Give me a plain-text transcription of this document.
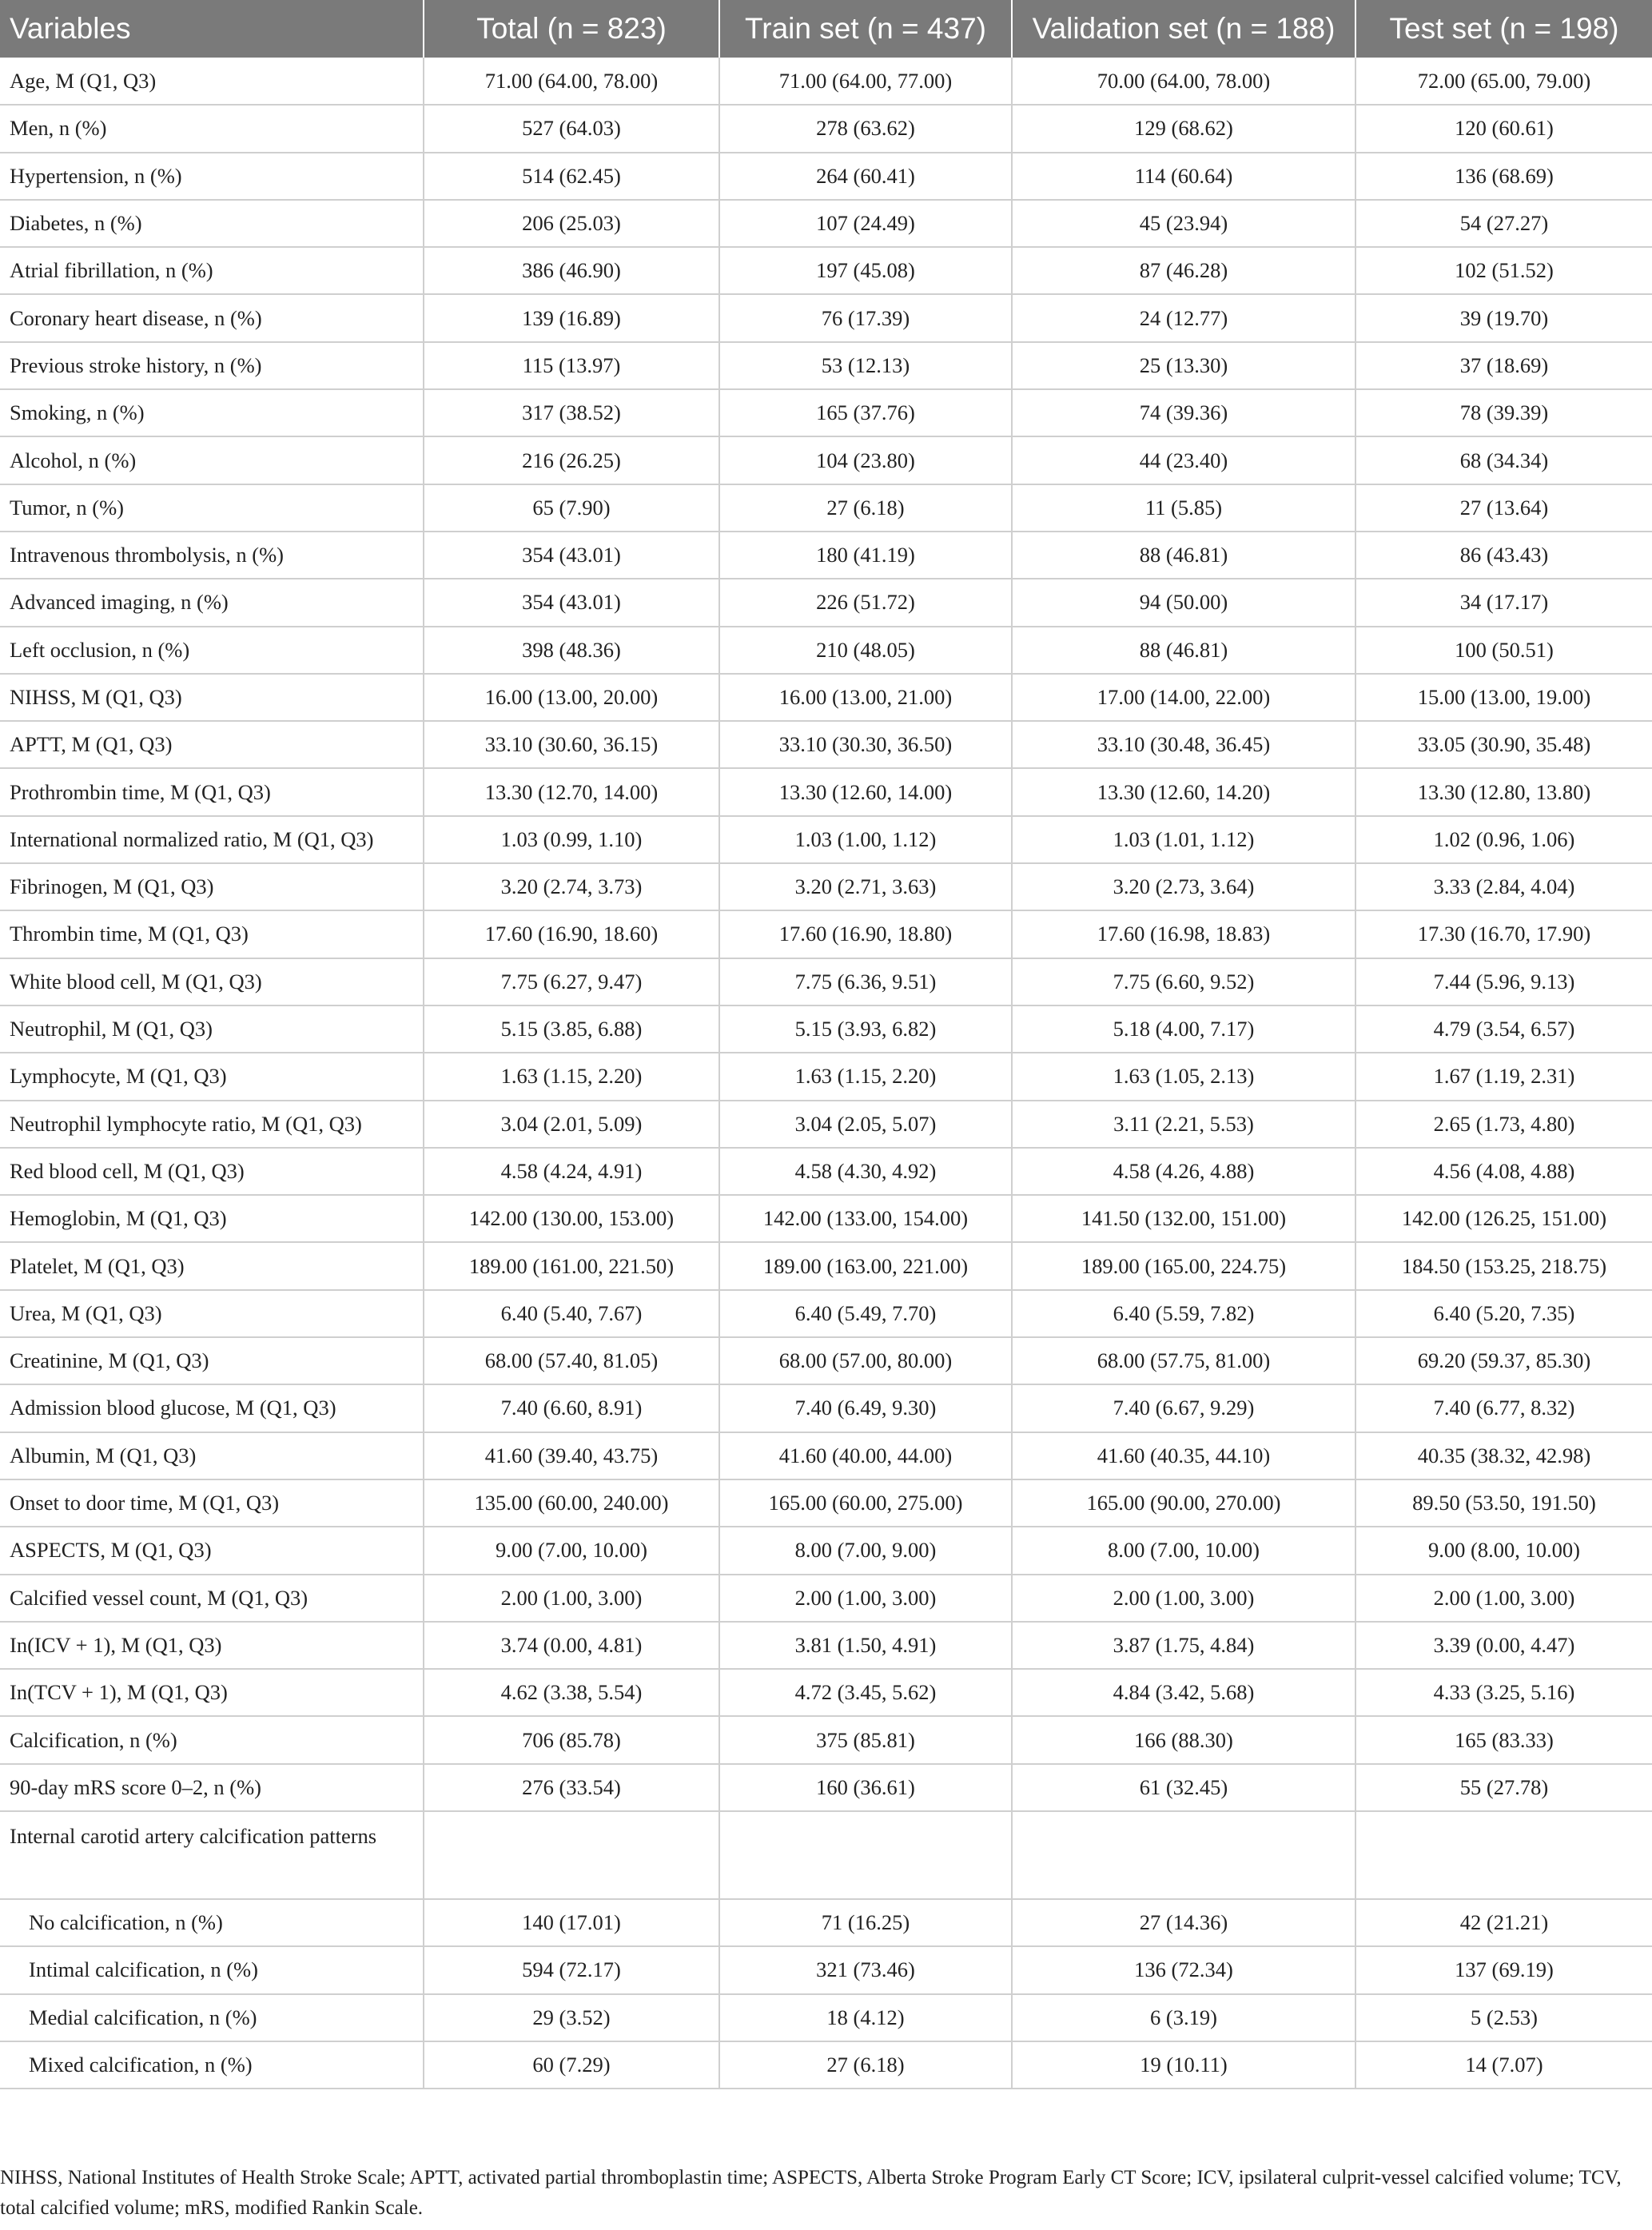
Variables	Total (n = 823)	Train set (n = 437)	Validation set (n = 188)	Test set (n = 198)
Age, M (Q1, Q3)	71.00 (64.00, 78.00)	71.00 (64.00, 77.00)	70.00 (64.00, 78.00)	72.00 (65.00, 79.00)
Men, n (%)	527 (64.03)	278 (63.62)	129 (68.62)	120 (60.61)
Hypertension, n (%)	514 (62.45)	264 (60.41)	114 (60.64)	136 (68.69)
Diabetes, n (%)	206 (25.03)	107 (24.49)	45 (23.94)	54 (27.27)
Atrial fibrillation, n (%)	386 (46.90)	197 (45.08)	87 (46.28)	102 (51.52)
Coronary heart disease, n (%)	139 (16.89)	76 (17.39)	24 (12.77)	39 (19.70)
Previous stroke history, n (%)	115 (13.97)	53 (12.13)	25 (13.30)	37 (18.69)
Smoking, n (%)	317 (38.52)	165 (37.76)	74 (39.36)	78 (39.39)
Alcohol, n (%)	216 (26.25)	104 (23.80)	44 (23.40)	68 (34.34)
Tumor, n (%)	65 (7.90)	27 (6.18)	11 (5.85)	27 (13.64)
Intravenous thrombolysis, n (%)	354 (43.01)	180 (41.19)	88 (46.81)	86 (43.43)
Advanced imaging, n (%)	354 (43.01)	226 (51.72)	94 (50.00)	34 (17.17)
Left occlusion, n (%)	398 (48.36)	210 (48.05)	88 (46.81)	100 (50.51)
NIHSS, M (Q1, Q3)	16.00 (13.00, 20.00)	16.00 (13.00, 21.00)	17.00 (14.00, 22.00)	15.00 (13.00, 19.00)
APTT, M (Q1, Q3)	33.10 (30.60, 36.15)	33.10 (30.30, 36.50)	33.10 (30.48, 36.45)	33.05 (30.90, 35.48)
Prothrombin time, M (Q1, Q3)	13.30 (12.70, 14.00)	13.30 (12.60, 14.00)	13.30 (12.60, 14.20)	13.30 (12.80, 13.80)
International normalized ratio, M (Q1, Q3)	1.03 (0.99, 1.10)	1.03 (1.00, 1.12)	1.03 (1.01, 1.12)	1.02 (0.96, 1.06)
Fibrinogen, M (Q1, Q3)	3.20 (2.74, 3.73)	3.20 (2.71, 3.63)	3.20 (2.73, 3.64)	3.33 (2.84, 4.04)
Thrombin time, M (Q1, Q3)	17.60 (16.90, 18.60)	17.60 (16.90, 18.80)	17.60 (16.98, 18.83)	17.30 (16.70, 17.90)
White blood cell, M (Q1, Q3)	7.75 (6.27, 9.47)	7.75 (6.36, 9.51)	7.75 (6.60, 9.52)	7.44 (5.96, 9.13)
Neutrophil, M (Q1, Q3)	5.15 (3.85, 6.88)	5.15 (3.93, 6.82)	5.18 (4.00, 7.17)	4.79 (3.54, 6.57)
Lymphocyte, M (Q1, Q3)	1.63 (1.15, 2.20)	1.63 (1.15, 2.20)	1.63 (1.05, 2.13)	1.67 (1.19, 2.31)
Neutrophil lymphocyte ratio, M (Q1, Q3)	3.04 (2.01, 5.09)	3.04 (2.05, 5.07)	3.11 (2.21, 5.53)	2.65 (1.73, 4.80)
Red blood cell, M (Q1, Q3)	4.58 (4.24, 4.91)	4.58 (4.30, 4.92)	4.58 (4.26, 4.88)	4.56 (4.08, 4.88)
Hemoglobin, M (Q1, Q3)	142.00 (130.00, 153.00)	142.00 (133.00, 154.00)	141.50 (132.00, 151.00)	142.00 (126.25, 151.00)
Platelet, M (Q1, Q3)	189.00 (161.00, 221.50)	189.00 (163.00, 221.00)	189.00 (165.00, 224.75)	184.50 (153.25, 218.75)
Urea, M (Q1, Q3)	6.40 (5.40, 7.67)	6.40 (5.49, 7.70)	6.40 (5.59, 7.82)	6.40 (5.20, 7.35)
Creatinine, M (Q1, Q3)	68.00 (57.40, 81.05)	68.00 (57.00, 80.00)	68.00 (57.75, 81.00)	69.20 (59.37, 85.30)
Admission blood glucose, M (Q1, Q3)	7.40 (6.60, 8.91)	7.40 (6.49, 9.30)	7.40 (6.67, 9.29)	7.40 (6.77, 8.32)
Albumin, M (Q1, Q3)	41.60 (39.40, 43.75)	41.60 (40.00, 44.00)	41.60 (40.35, 44.10)	40.35 (38.32, 42.98)
Onset to door time, M (Q1, Q3)	135.00 (60.00, 240.00)	165.00 (60.00, 275.00)	165.00 (90.00, 270.00)	89.50 (53.50, 191.50)
ASPECTS, M (Q1, Q3)	9.00 (7.00, 10.00)	8.00 (7.00, 9.00)	8.00 (7.00, 10.00)	9.00 (8.00, 10.00)
Calcified vessel count, M (Q1, Q3)	2.00 (1.00, 3.00)	2.00 (1.00, 3.00)	2.00 (1.00, 3.00)	2.00 (1.00, 3.00)
In(ICV + 1), M (Q1, Q3)	3.74 (0.00, 4.81)	3.81 (1.50, 4.91)	3.87 (1.75, 4.84)	3.39 (0.00, 4.47)
In(TCV + 1), M (Q1, Q3)	4.62 (3.38, 5.54)	4.72 (3.45, 5.62)	4.84 (3.42, 5.68)	4.33 (3.25, 5.16)
Calcification, n (%)	706 (85.78)	375 (85.81)	166 (88.30)	165 (83.33)
90-day mRS score 0–2, n (%)	276 (33.54)	160 (36.61)	61 (32.45)	55 (27.78)
Internal carotid artery calcification patterns				
No calcification, n (%)	140 (17.01)	71 (16.25)	27 (14.36)	42 (21.21)
Intimal calcification, n (%)	594 (72.17)	321 (73.46)	136 (72.34)	137 (69.19)
Medial calcification, n (%)	29 (3.52)	18 (4.12)	6 (3.19)	5 (2.53)
Mixed calcification, n (%)	60 (7.29)	27 (6.18)	19 (10.11)	14 (7.07)
NIHSS, National Institutes of Health Stroke Scale; APTT, activated partial thromboplastin time; ASPECTS, Alberta Stroke Program Early CT Score; ICV, ipsilateral culprit-vessel calcified volume; TCV, total calcified volume; mRS, modified Rankin Scale.
